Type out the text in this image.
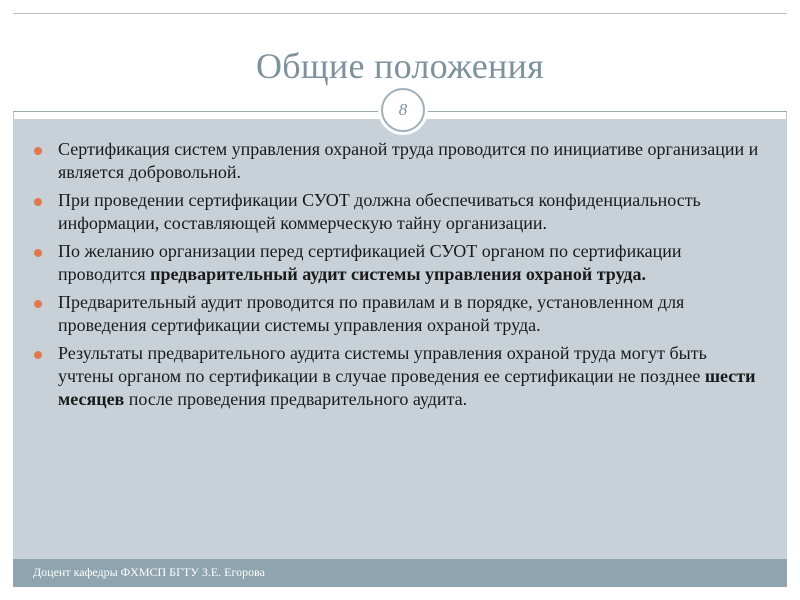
Общие положения
8
Сертификация систем управления охраной труда проводится по инициативе организации и является добровольной.
При проведении сертификации СУОТ должна обеспечиваться конфиденциальность информации, составляющей коммерческую тайну организации.
По желанию организации перед сертификацией СУОТ органом по сертификации проводится предварительный аудит системы управления охраной труда.
Предварительный аудит проводится по правилам и в порядке, установленном для проведения сертификации системы управления охраной труда.
Результаты предварительного аудита системы управления охраной труда могут быть учтены органом по сертификации в случае проведения ее сертификации не позднее шести месяцев после проведения предварительного аудита.
Доцент кафедры ФХМСП БГТУ З.Е. Егорова
